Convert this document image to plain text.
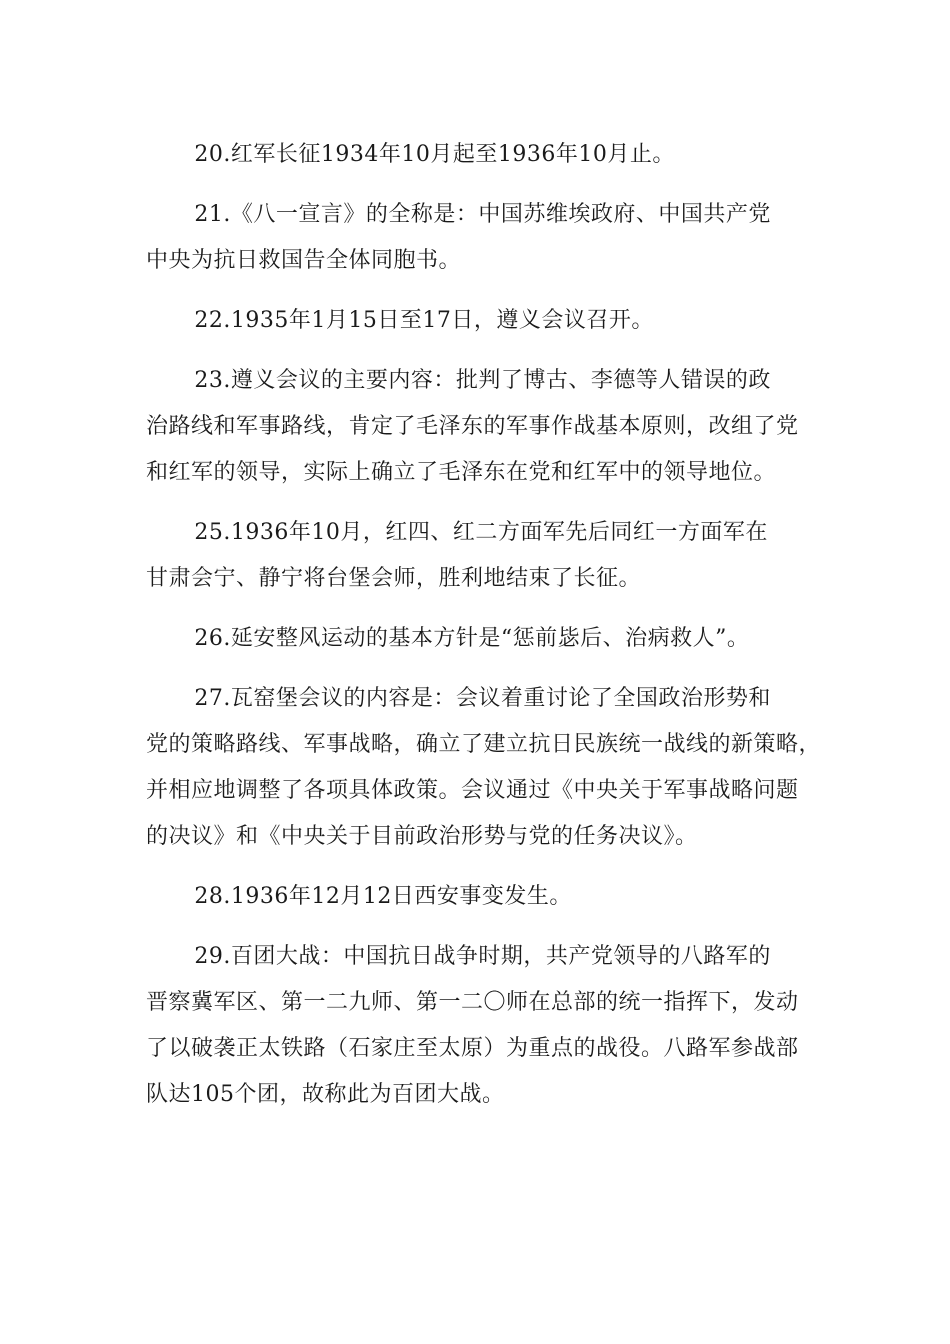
20.红军长征1934年10月起至1936年10月止。

21.《八一宣言》的全称是：中国苏维埃政府、中国共产党
中央为抗日救国告全体同胞书。

22.1935年1月15日至17日，遵义会议召开。

23.遵义会议的主要内容：批判了博古、李德等人错误的政
治路线和军事路线，肯定了毛泽东的军事作战基本原则，改组了党
和红军的领导，实际上确立了毛泽东在党和红军中的领导地位。

25.1936年10月，红四、红二方面军先后同红一方面军在
甘肃会宁、静宁将台堡会师，胜利地结束了长征。

26.延安整风运动的基本方针是“惩前毖后、治病救人”。

27.瓦窑堡会议的内容是：会议着重讨论了全国政治形势和
党的策略路线、军事战略，确立了建立抗日民族统一战线的新策略，
并相应地调整了各项具体政策。会议通过《中央关于军事战略问题
的决议》和《中央关于目前政治形势与党的任务决议》。

28.1936年12月12日西安事变发生。

29.百团大战：中国抗日战争时期，共产党领导的八路军的
晋察冀军区、第一二九师、第一二〇师在总部的统一指挥下，发动
了以破袭正太铁路（石家庄至太原）为重点的战役。八路军参战部
队达105个团，故称此为百团大战。
